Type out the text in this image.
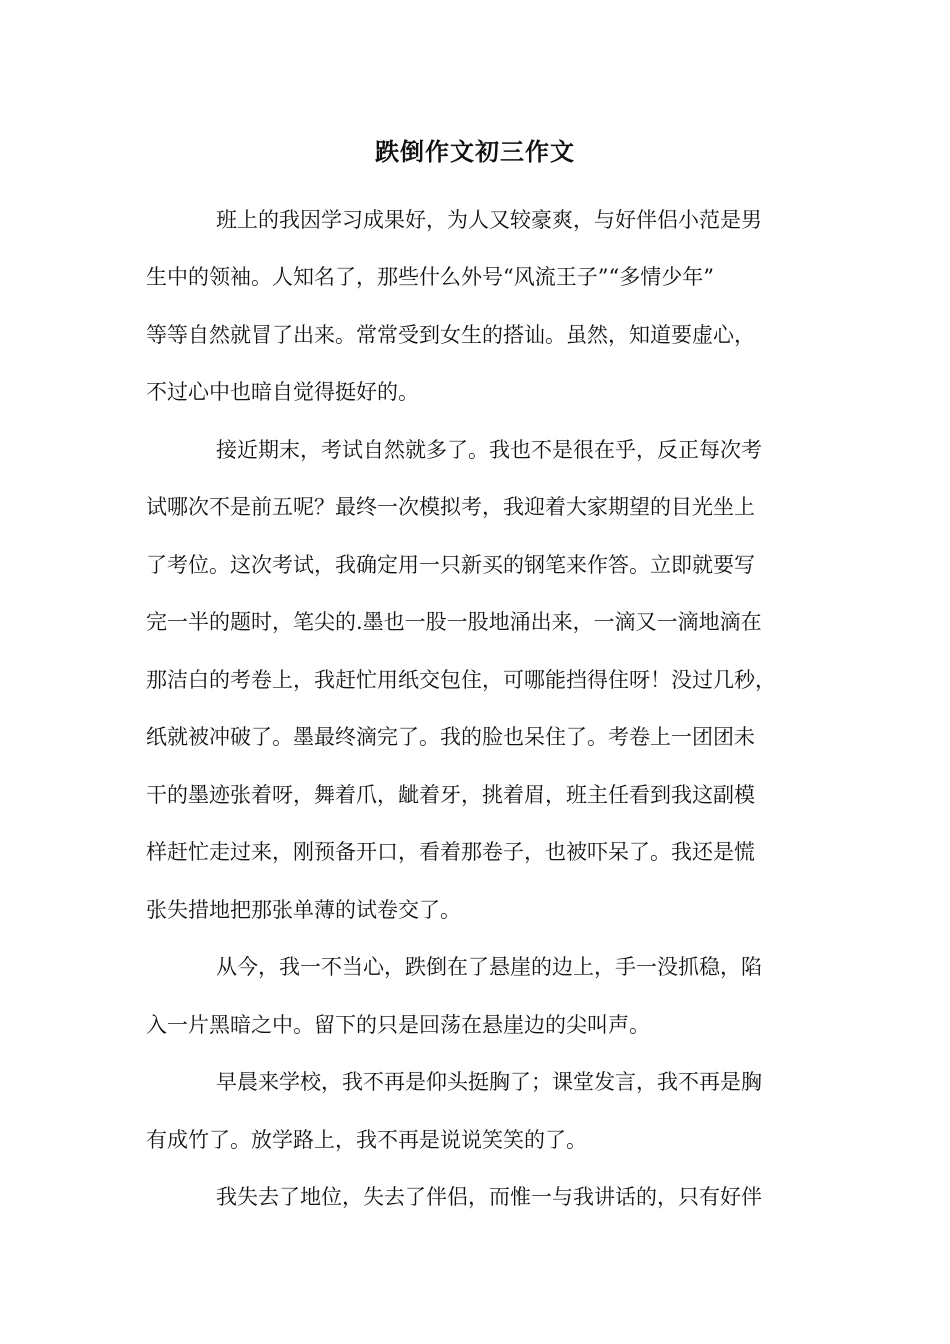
跌倒作文初三作文
班上的我因学习成果好，为人又较豪爽，与好伴侣小范是男
生中的领袖。人知名了，那些什么外号“风流王子”“多情少年”
等等自然就冒了出来。常常受到女生的搭讪。虽然，知道要虚心，
不过心中也暗自觉得挺好的。
接近期末，考试自然就多了。我也不是很在乎，反正每次考
试哪次不是前五呢？最终一次模拟考，我迎着大家期望的目光坐上
了考位。这次考试，我确定用一只新买的钢笔来作答。立即就要写
完一半的题时，笔尖的.墨也一股一股地涌出来，一滴又一滴地滴在
那洁白的考卷上，我赶忙用纸交包住，可哪能挡得住呀！没过几秒，
纸就被冲破了。墨最终滴完了。我的脸也呆住了。考卷上一团团未
干的墨迹张着呀，舞着爪，龇着牙，挑着眉，班主任看到我这副模
样赶忙走过来，刚预备开口，看着那卷子，也被吓呆了。我还是慌
张失措地把那张单薄的试卷交了。
从今，我一不当心，跌倒在了悬崖的边上，手一没抓稳，陷
入一片黑暗之中。留下的只是回荡在悬崖边的尖叫声。
早晨来学校，我不再是仰头挺胸了；课堂发言，我不再是胸
有成竹了。放学路上，我不再是说说笑笑的了。
我失去了地位，失去了伴侣，而惟一与我讲话的，只有好伴
